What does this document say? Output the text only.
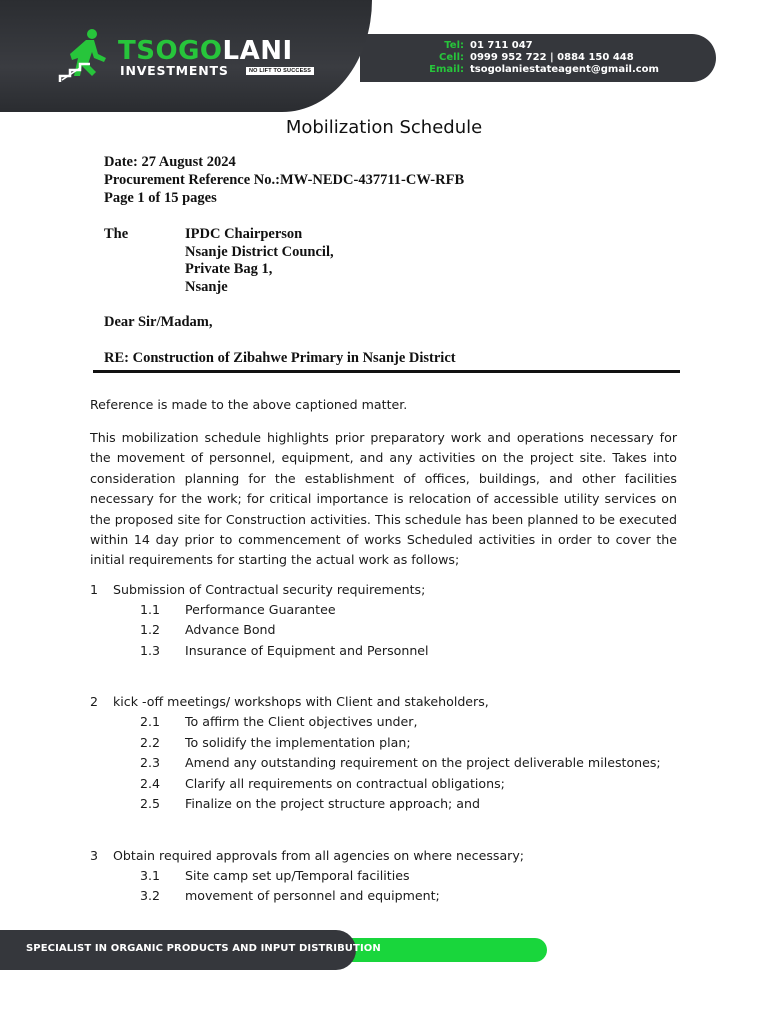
TSOGOLANI
INVESTMENTS	NO LIFT TO SUCCESS
Tel: 01 711 047
Cell: 0999 952 722 | 0884 150 448
Email: tsogolaniestateagent@gmail.com
Mobilization Schedule
Date: 27 August 2024
Procurement Reference No.:MW-NEDC-437711-CW-RFB
Page 1 of 15 pages
The	IPDC Chairperson
Nsanje District Council,
Private Bag 1,
Nsanje
Dear Sir/Madam,
RE: Construction of Zibahwe Primary in Nsanje District
Reference is made to the above captioned matter.
This mobilization schedule highlights prior preparatory work and operations necessary for the movement of personnel, equipment, and any activities on the project site. Takes into consideration planning for the establishment of offices, buildings, and other facilities necessary for the work; for critical importance is relocation of accessible utility services on the proposed site for Construction activities. This schedule has been planned to be executed within 14 day prior to commencement of works Scheduled activities in order to cover the initial requirements for starting the actual work as follows;
1 Submission of Contractual security requirements;
1.1 Performance Guarantee
1.2 Advance Bond
1.3 Insurance of Equipment and Personnel
2 kick -off meetings/ workshops with Client and stakeholders,
2.1 To affirm the Client objectives under,
2.2 To solidify the implementation plan;
2.3 Amend any outstanding requirement on the project deliverable milestones;
2.4 Clarify all requirements on contractual obligations;
2.5 Finalize on the project structure approach; and
3 Obtain required approvals from all agencies on where necessary;
3.1 Site camp set up/Temporal facilities
3.2 movement of personnel and equipment;
SPECIALIST IN ORGANIC PRODUCTS AND INPUT DISTRIBUTION
